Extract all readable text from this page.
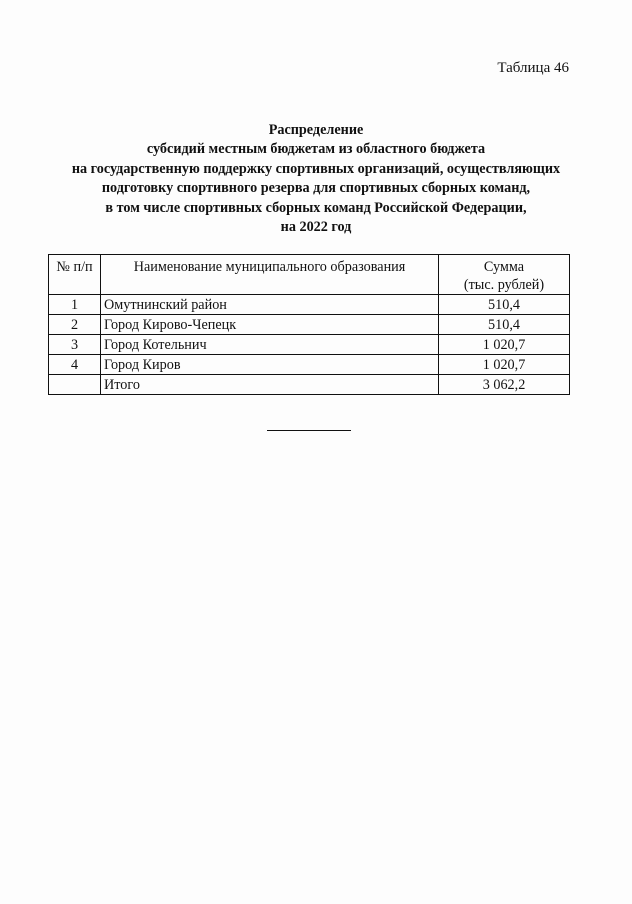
Таблица 46
Распределение
субсидий местным бюджетам из областного бюджета
на государственную поддержку спортивных организаций, осуществляющих
подготовку спортивного резерва для спортивных сборных команд,
в том числе спортивных сборных команд Российской Федерации,
на 2022 год
№ п/п	Наименование муниципального образования	Сумма
(тыс. рублей)

1	Омутнинский район	510,4
2	Город Кирово-Чепецк	510,4
3	Город Котельнич	1 020,7
4	Город Киров	1 020,7
	Итого	3 062,2
